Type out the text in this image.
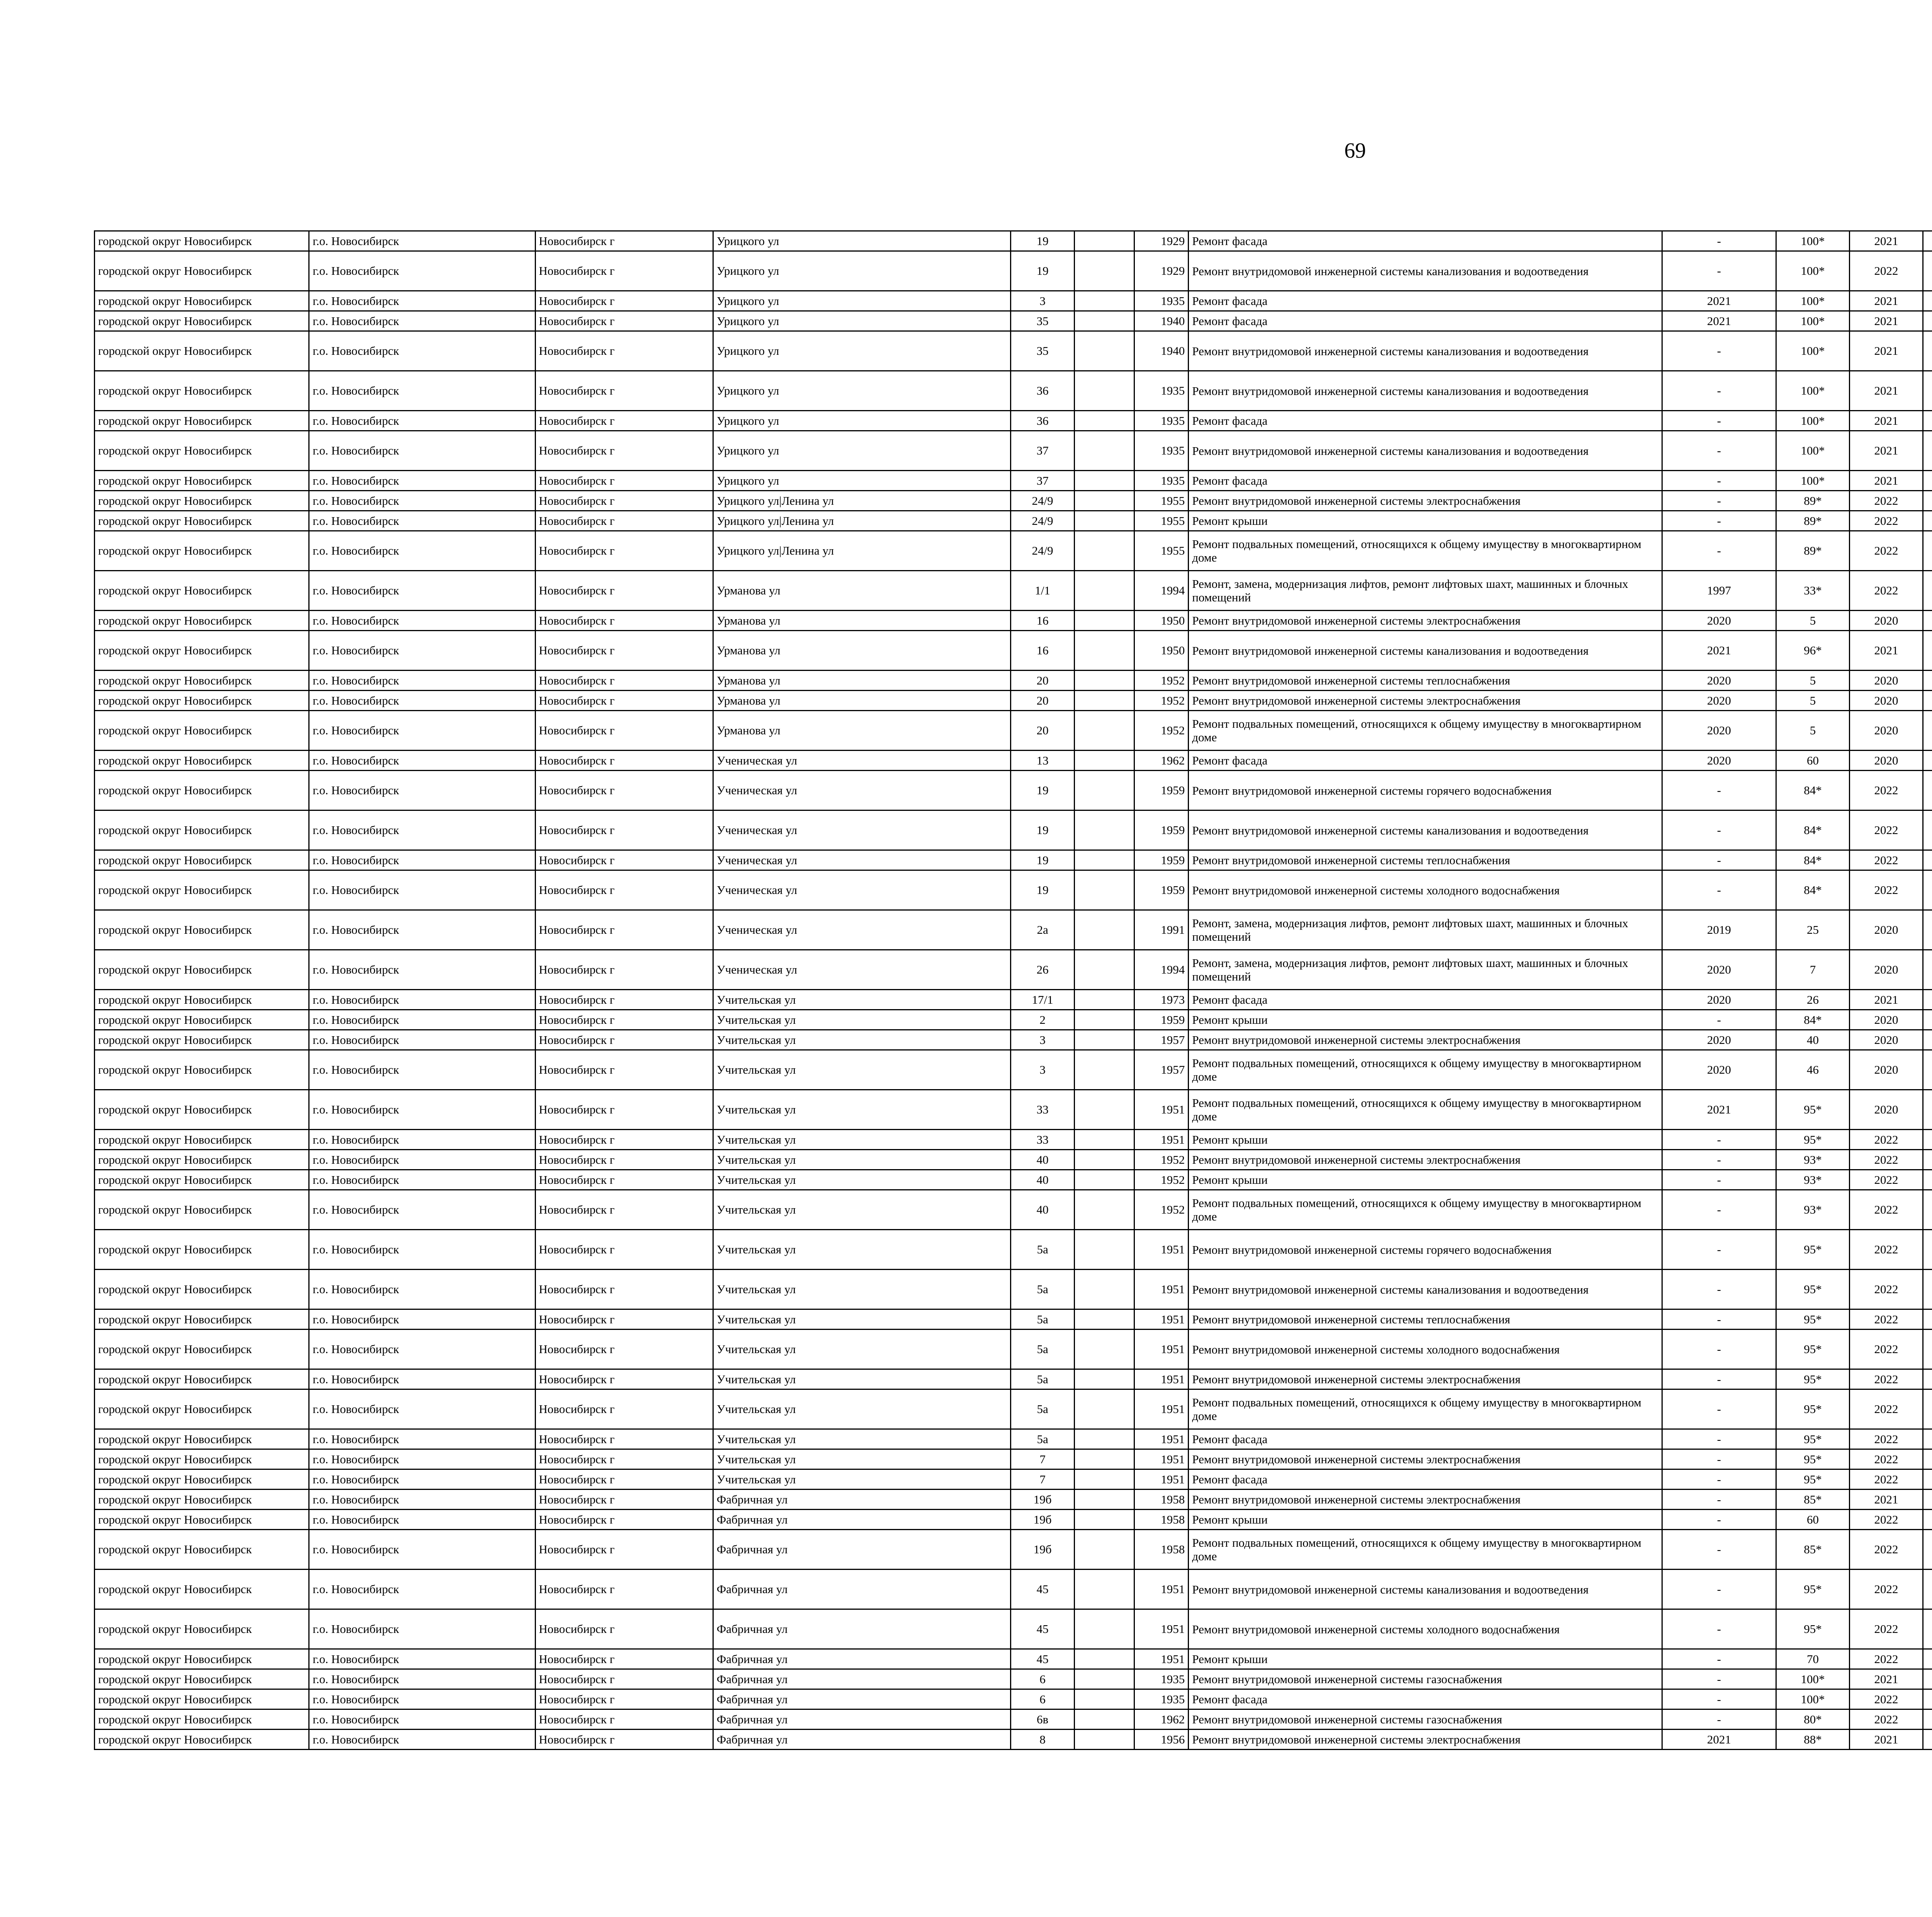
69
городской округ Новосибирск	г.о. Новосибирск	Новосибирск г	Урицкого ул	19		1929	Ремонт фасада	-	100*	2021						
городской округ Новосибирск	г.о. Новосибирск	Новосибирск г	Урицкого ул	19		1929	Ремонт внутридомовой инженерной системы канализования и водоотведения	-	100*	2022						
городской округ Новосибирск	г.о. Новосибирск	Новосибирск г	Урицкого ул	3		1935	Ремонт фасада	2021	100*	2021						
городской округ Новосибирск	г.о. Новосибирск	Новосибирск г	Урицкого ул	35		1940	Ремонт фасада	2021	100*	2021						
городской округ Новосибирск	г.о. Новосибирск	Новосибирск г	Урицкого ул	35		1940	Ремонт внутридомовой инженерной системы канализования и водоотведения	-	100*	2021						
городской округ Новосибирск	г.о. Новосибирск	Новосибирск г	Урицкого ул	36		1935	Ремонт внутридомовой инженерной системы канализования и водоотведения	-	100*	2021						
городской округ Новосибирск	г.о. Новосибирск	Новосибирск г	Урицкого ул	36		1935	Ремонт фасада	-	100*	2021						
городской округ Новосибирск	г.о. Новосибирск	Новосибирск г	Урицкого ул	37		1935	Ремонт внутридомовой инженерной системы канализования и водоотведения	-	100*	2021						
городской округ Новосибирск	г.о. Новосибирск	Новосибирск г	Урицкого ул	37		1935	Ремонт фасада	-	100*	2021						
городской округ Новосибирск	г.о. Новосибирск	Новосибирск г	Урицкого ул|Ленина ул	24/9		1955	Ремонт внутридомовой инженерной системы электроснабжения	-	89*	2022						
городской округ Новосибирск	г.о. Новосибирск	Новосибирск г	Урицкого ул|Ленина ул	24/9		1955	Ремонт крыши	-	89*	2022						
городской округ Новосибирск	г.о. Новосибирск	Новосибирск г	Урицкого ул|Ленина ул	24/9		1955	Ремонт подвальных помещений, относящихся к общему имуществу в многоквартирном доме	-	89*	2022						
городской округ Новосибирск	г.о. Новосибирск	Новосибирск г	Урманова ул	1/1		1994	Ремонт, замена, модернизация лифтов, ремонт лифтовых шахт, машинных и блочных помещений	1997	33*	2022						
городской округ Новосибирск	г.о. Новосибирск	Новосибирск г	Урманова ул	16		1950	Ремонт внутридомовой инженерной системы электроснабжения	2020	5	2020						
городской округ Новосибирск	г.о. Новосибирск	Новосибирск г	Урманова ул	16		1950	Ремонт внутридомовой инженерной системы канализования и водоотведения	2021	96*	2021						
городской округ Новосибирск	г.о. Новосибирск	Новосибирск г	Урманова ул	20		1952	Ремонт внутридомовой инженерной системы теплоснабжения	2020	5	2020						
городской округ Новосибирск	г.о. Новосибирск	Новосибирск г	Урманова ул	20		1952	Ремонт внутридомовой инженерной системы электроснабжения	2020	5	2020						
городской округ Новосибирск	г.о. Новосибирск	Новосибирск г	Урманова ул	20		1952	Ремонт подвальных помещений, относящихся к общему имуществу в многоквартирном доме	2020	5	2020						
городской округ Новосибирск	г.о. Новосибирск	Новосибирск г	Ученическая ул	13		1962	Ремонт фасада	2020	60	2020						
городской округ Новосибирск	г.о. Новосибирск	Новосибирск г	Ученическая ул	19		1959	Ремонт внутридомовой инженерной системы горячего водоснабжения	-	84*	2022						
городской округ Новосибирск	г.о. Новосибирск	Новосибирск г	Ученическая ул	19		1959	Ремонт внутридомовой инженерной системы канализования и водоотведения	-	84*	2022						
городской округ Новосибирск	г.о. Новосибирск	Новосибирск г	Ученическая ул	19		1959	Ремонт внутридомовой инженерной системы теплоснабжения	-	84*	2022						
городской округ Новосибирск	г.о. Новосибирск	Новосибирск г	Ученическая ул	19		1959	Ремонт внутридомовой инженерной системы холодного водоснабжения	-	84*	2022						
городской округ Новосибирск	г.о. Новосибирск	Новосибирск г	Ученическая ул	2а		1991	Ремонт, замена, модернизация лифтов, ремонт лифтовых шахт, машинных и блочных помещений	2019	25	2020						
городской округ Новосибирск	г.о. Новосибирск	Новосибирск г	Ученическая ул	26		1994	Ремонт, замена, модернизация лифтов, ремонт лифтовых шахт, машинных и блочных помещений	2020	7	2020						
городской округ Новосибирск	г.о. Новосибирск	Новосибирск г	Учительская ул	17/1		1973	Ремонт фасада	2020	26	2021						
городской округ Новосибирск	г.о. Новосибирск	Новосибирск г	Учительская ул	2		1959	Ремонт крыши	-	84*	2020						
городской округ Новосибирск	г.о. Новосибирск	Новосибирск г	Учительская ул	3		1957	Ремонт внутридомовой инженерной системы электроснабжения	2020	40	2020						
городской округ Новосибирск	г.о. Новосибирск	Новосибирск г	Учительская ул	3		1957	Ремонт подвальных помещений, относящихся к общему имуществу в многоквартирном доме	2020	46	2020						
городской округ Новосибирск	г.о. Новосибирск	Новосибирск г	Учительская ул	33		1951	Ремонт подвальных помещений, относящихся к общему имуществу в многоквартирном доме	2021	95*	2020						
городской округ Новосибирск	г.о. Новосибирск	Новосибирск г	Учительская ул	33		1951	Ремонт крыши	-	95*	2022						
городской округ Новосибирск	г.о. Новосибирск	Новосибирск г	Учительская ул	40		1952	Ремонт внутридомовой инженерной системы электроснабжения	-	93*	2022						
городской округ Новосибирск	г.о. Новосибирск	Новосибирск г	Учительская ул	40		1952	Ремонт крыши	-	93*	2022						
городской округ Новосибирск	г.о. Новосибирск	Новосибирск г	Учительская ул	40		1952	Ремонт подвальных помещений, относящихся к общему имуществу в многоквартирном доме	-	93*	2022						
городской округ Новосибирск	г.о. Новосибирск	Новосибирск г	Учительская ул	5а		1951	Ремонт внутридомовой инженерной системы горячего водоснабжения	-	95*	2022						
городской округ Новосибирск	г.о. Новосибирск	Новосибирск г	Учительская ул	5а		1951	Ремонт внутридомовой инженерной системы канализования и водоотведения	-	95*	2022						
городской округ Новосибирск	г.о. Новосибирск	Новосибирск г	Учительская ул	5а		1951	Ремонт внутридомовой инженерной системы теплоснабжения	-	95*	2022						
городской округ Новосибирск	г.о. Новосибирск	Новосибирск г	Учительская ул	5а		1951	Ремонт внутридомовой инженерной системы холодного водоснабжения	-	95*	2022						
городской округ Новосибирск	г.о. Новосибирск	Новосибирск г	Учительская ул	5а		1951	Ремонт внутридомовой инженерной системы электроснабжения	-	95*	2022						
городской округ Новосибирск	г.о. Новосибирск	Новосибирск г	Учительская ул	5а		1951	Ремонт подвальных помещений, относящихся к общему имуществу в многоквартирном доме	-	95*	2022						
городской округ Новосибирск	г.о. Новосибирск	Новосибирск г	Учительская ул	5а		1951	Ремонт фасада	-	95*	2022						
городской округ Новосибирск	г.о. Новосибирск	Новосибирск г	Учительская ул	7		1951	Ремонт внутридомовой инженерной системы электроснабжения	-	95*	2022						
городской округ Новосибирск	г.о. Новосибирск	Новосибирск г	Учительская ул	7		1951	Ремонт фасада	-	95*	2022						
городской округ Новосибирск	г.о. Новосибирск	Новосибирск г	Фабричная ул	19б		1958	Ремонт внутридомовой инженерной системы электроснабжения	-	85*	2021						
городской округ Новосибирск	г.о. Новосибирск	Новосибирск г	Фабричная ул	19б		1958	Ремонт крыши	-	60	2022						
городской округ Новосибирск	г.о. Новосибирск	Новосибирск г	Фабричная ул	19б		1958	Ремонт подвальных помещений, относящихся к общему имуществу в многоквартирном доме	-	85*	2022						
городской округ Новосибирск	г.о. Новосибирск	Новосибирск г	Фабричная ул	45		1951	Ремонт внутридомовой инженерной системы канализования и водоотведения	-	95*	2022						
городской округ Новосибирск	г.о. Новосибирск	Новосибирск г	Фабричная ул	45		1951	Ремонт внутридомовой инженерной системы холодного водоснабжения	-	95*	2022						
городской округ Новосибирск	г.о. Новосибирск	Новосибирск г	Фабричная ул	45		1951	Ремонт крыши	-	70	2022						
городской округ Новосибирск	г.о. Новосибирск	Новосибирск г	Фабричная ул	6		1935	Ремонт внутридомовой инженерной системы газоснабжения	-	100*	2021						
городской округ Новосибирск	г.о. Новосибирск	Новосибирск г	Фабричная ул	6		1935	Ремонт фасада	-	100*	2022						
городской округ Новосибирск	г.о. Новосибирск	Новосибирск г	Фабричная ул	6в		1962	Ремонт внутридомовой инженерной системы газоснабжения	-	80*	2022						
городской округ Новосибирск	г.о. Новосибирск	Новосибирск г	Фабричная ул	8		1956	Ремонт внутридомовой инженерной системы электроснабжения	2021	88*	2021						
